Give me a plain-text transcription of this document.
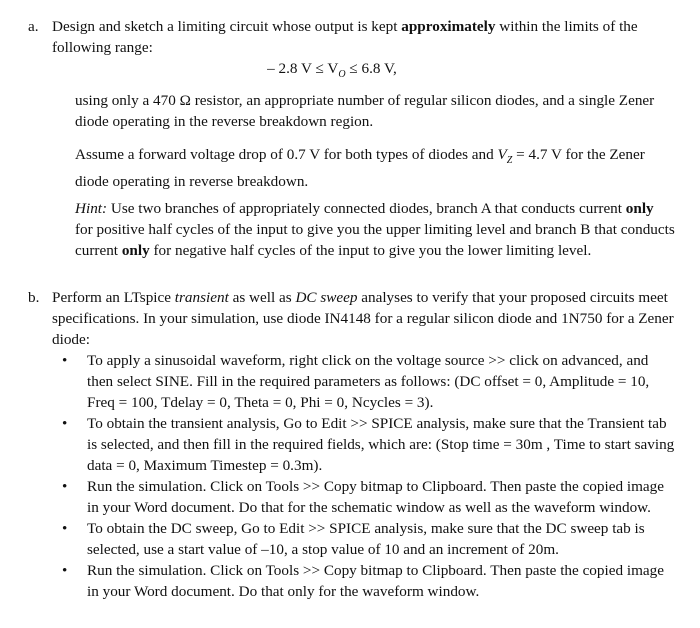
a. Design and sketch a limiting circuit whose output is kept approximately within the limits of the following range:

– 2.8 $V \le V_O \le 6.8$ V,

using only a 470 Ω resistor, an appropriate number of regular silicon diodes, and a single Zener diode operating in the reverse breakdown region.

Assume a forward voltage drop of 0.7 V for both types of diodes and $V_Z = 4.7$ V for the Zener diode operating in reverse breakdown.

Hint: Use two branches of appropriately connected diodes, branch A that conducts current only for positive half cycles of the input to give you the upper limiting level and branch B that conducts current only for negative half cycles of the input to give you the lower limiting level.

b. Perform an LTspice transient as well as DC sweep analyses to verify that your proposed circuits meet specifications. In your simulation, use diode IN4148 for a regular silicon diode and 1N750 for a Zener diode:

• To apply a sinusoidal waveform, right click on the voltage source >> click on advanced, and then select SINE. Fill in the required parameters as follows: (DC offset = 0, Amplitude = 10, Freq = 100, Tdelay = 0, Theta = 0, Phi = 0, Ncycles = 3).
• To obtain the transient analysis, Go to Edit >> SPICE analysis, make sure that the Transient tab is selected, and then fill in the required fields, which are: (Stop time = 30m , Time to start saving data = 0, Maximum Timestep = 0.3m).
• Run the simulation. Click on Tools >> Copy bitmap to Clipboard. Then paste the copied image in your Word document. Do that for the schematic window as well as the waveform window.
• To obtain the DC sweep, Go to Edit >> SPICE analysis, make sure that the DC sweep tab is selected, use a start value of –10, a stop value of 10 and an increment of 20m.
• Run the simulation. Click on Tools >> Copy bitmap to Clipboard. Then paste the copied image in your Word document. Do that only for the waveform window.
